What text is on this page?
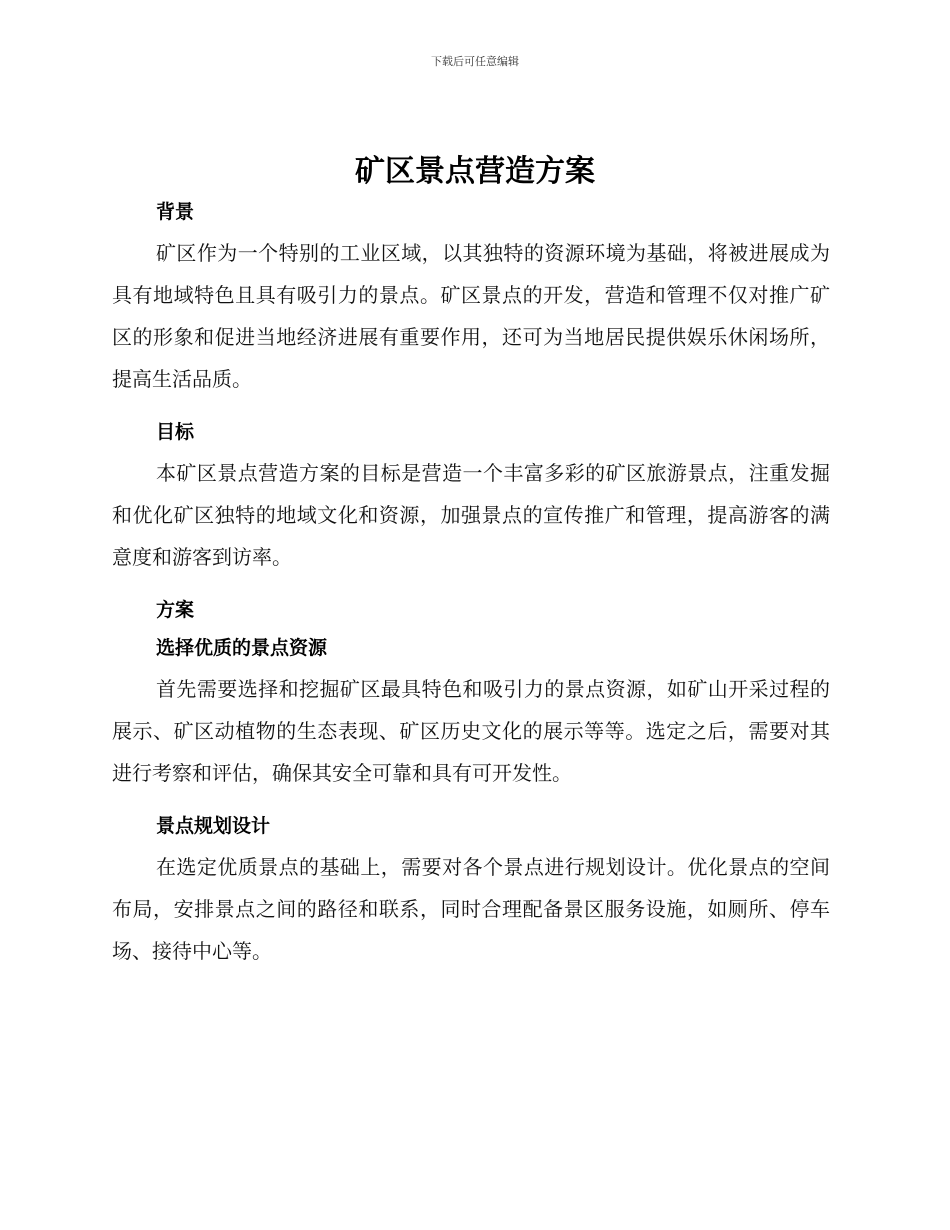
下载后可任意编辑
矿区景点营造方案
背景

矿区作为一个特别的工业区域，以其独特的资源环境为基础，将被进展成为具有地域特色且具有吸引力的景点。矿区景点的开发，营造和管理不仅对推广矿区的形象和促进当地经济进展有重要作用，还可为当地居民提供娱乐休闲场所，提高生活品质。

目标

本矿区景点营造方案的目标是营造一个丰富多彩的矿区旅游景点，注重发掘和优化矿区独特的地域文化和资源，加强景点的宣传推广和管理，提高游客的满意度和游客到访率。

方案
选择优质的景点资源

首先需要选择和挖掘矿区最具特色和吸引力的景点资源，如矿山开采过程的展示、矿区动植物的生态表现、矿区历史文化的展示等等。选定之后，需要对其进行考察和评估，确保其安全可靠和具有可开发性。

景点规划设计

在选定优质景点的基础上，需要对各个景点进行规划设计。优化景点的空间布局，安排景点之间的路径和联系，同时合理配备景区服务设施，如厕所、停车场、接待中心等。
